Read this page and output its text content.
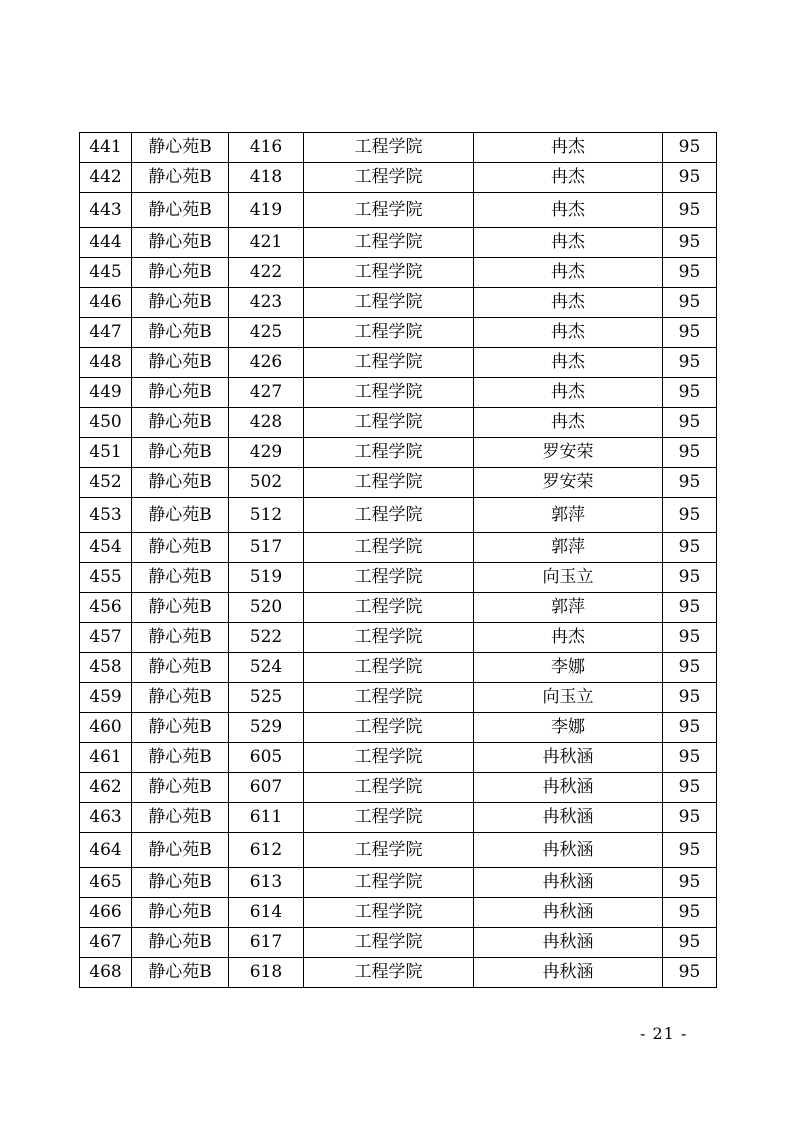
441	静心苑B	416	工程学院	冉杰	95
442	静心苑B	418	工程学院	冉杰	95
443	静心苑B	419	工程学院	冉杰	95
444	静心苑B	421	工程学院	冉杰	95
445	静心苑B	422	工程学院	冉杰	95
446	静心苑B	423	工程学院	冉杰	95
447	静心苑B	425	工程学院	冉杰	95
448	静心苑B	426	工程学院	冉杰	95
449	静心苑B	427	工程学院	冉杰	95
450	静心苑B	428	工程学院	冉杰	95
451	静心苑B	429	工程学院	罗安荣	95
452	静心苑B	502	工程学院	罗安荣	95
453	静心苑B	512	工程学院	郭萍	95
454	静心苑B	517	工程学院	郭萍	95
455	静心苑B	519	工程学院	向玉立	95
456	静心苑B	520	工程学院	郭萍	95
457	静心苑B	522	工程学院	冉杰	95
458	静心苑B	524	工程学院	李娜	95
459	静心苑B	525	工程学院	向玉立	95
460	静心苑B	529	工程学院	李娜	95
461	静心苑B	605	工程学院	冉秋涵	95
462	静心苑B	607	工程学院	冉秋涵	95
463	静心苑B	611	工程学院	冉秋涵	95
464	静心苑B	612	工程学院	冉秋涵	95
465	静心苑B	613	工程学院	冉秋涵	95
466	静心苑B	614	工程学院	冉秋涵	95
467	静心苑B	617	工程学院	冉秋涵	95
468	静心苑B	618	工程学院	冉秋涵	95
- 21 -
